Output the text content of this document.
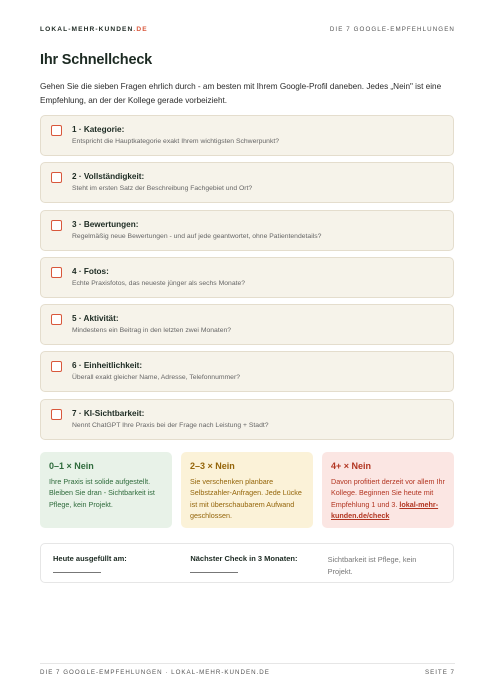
LOKAL-MEHR-KUNDEN.DE	DIE 7 GOOGLE-EMPFEHLUNGEN
Ihr Schnellcheck

Gehen Sie die sieben Fragen ehrlich durch - am besten mit Ihrem Google-Profil daneben. Jedes „Nein" ist eine Empfehlung, an der der Kollege gerade vorbeizieht.

1 · Kategorie:
Entspricht die Hauptkategorie exakt Ihrem wichtigsten Schwerpunkt?
2 · Vollständigkeit:
Steht im ersten Satz der Beschreibung Fachgebiet und Ort?
3 · Bewertungen:
Regelmäßig neue Bewertungen - und auf jede geantwortet, ohne Patientendetails?
4 · Fotos:
Echte Praxisfotos, das neueste jünger als sechs Monate?
5 · Aktivität:
Mindestens ein Beitrag in den letzten zwei Monaten?
6 · Einheitlichkeit:
Überall exakt gleicher Name, Adresse, Telefonnummer?
7 · KI-Sichtbarkeit:
Nennt ChatGPT Ihre Praxis bei der Frage nach Leistung + Stadt?
0–1 × Nein
Ihre Praxis ist solide aufgestellt. Bleiben Sie dran - Sichtbarkeit ist Pflege, kein Projekt.
2–3 × Nein
Sie verschenken planbare Selbstzahler-Anfragen. Jede Lücke ist mit überschaubarem Aufwand geschlossen.
4+ × Nein
Davon profitiert derzeit vor allem Ihr Kollege. Beginnen Sie heute mit Empfehlung 1 und 3. lokal-mehr-kunden.de/check
Heute ausgefüllt am:	Nächster Check in 3 Monaten:	Sichtbarkeit ist Pflege, kein Projekt.
DIE 7 GOOGLE-EMPFEHLUNGEN · LOKAL-MEHR-KUNDEN.DE	SEITE 7
